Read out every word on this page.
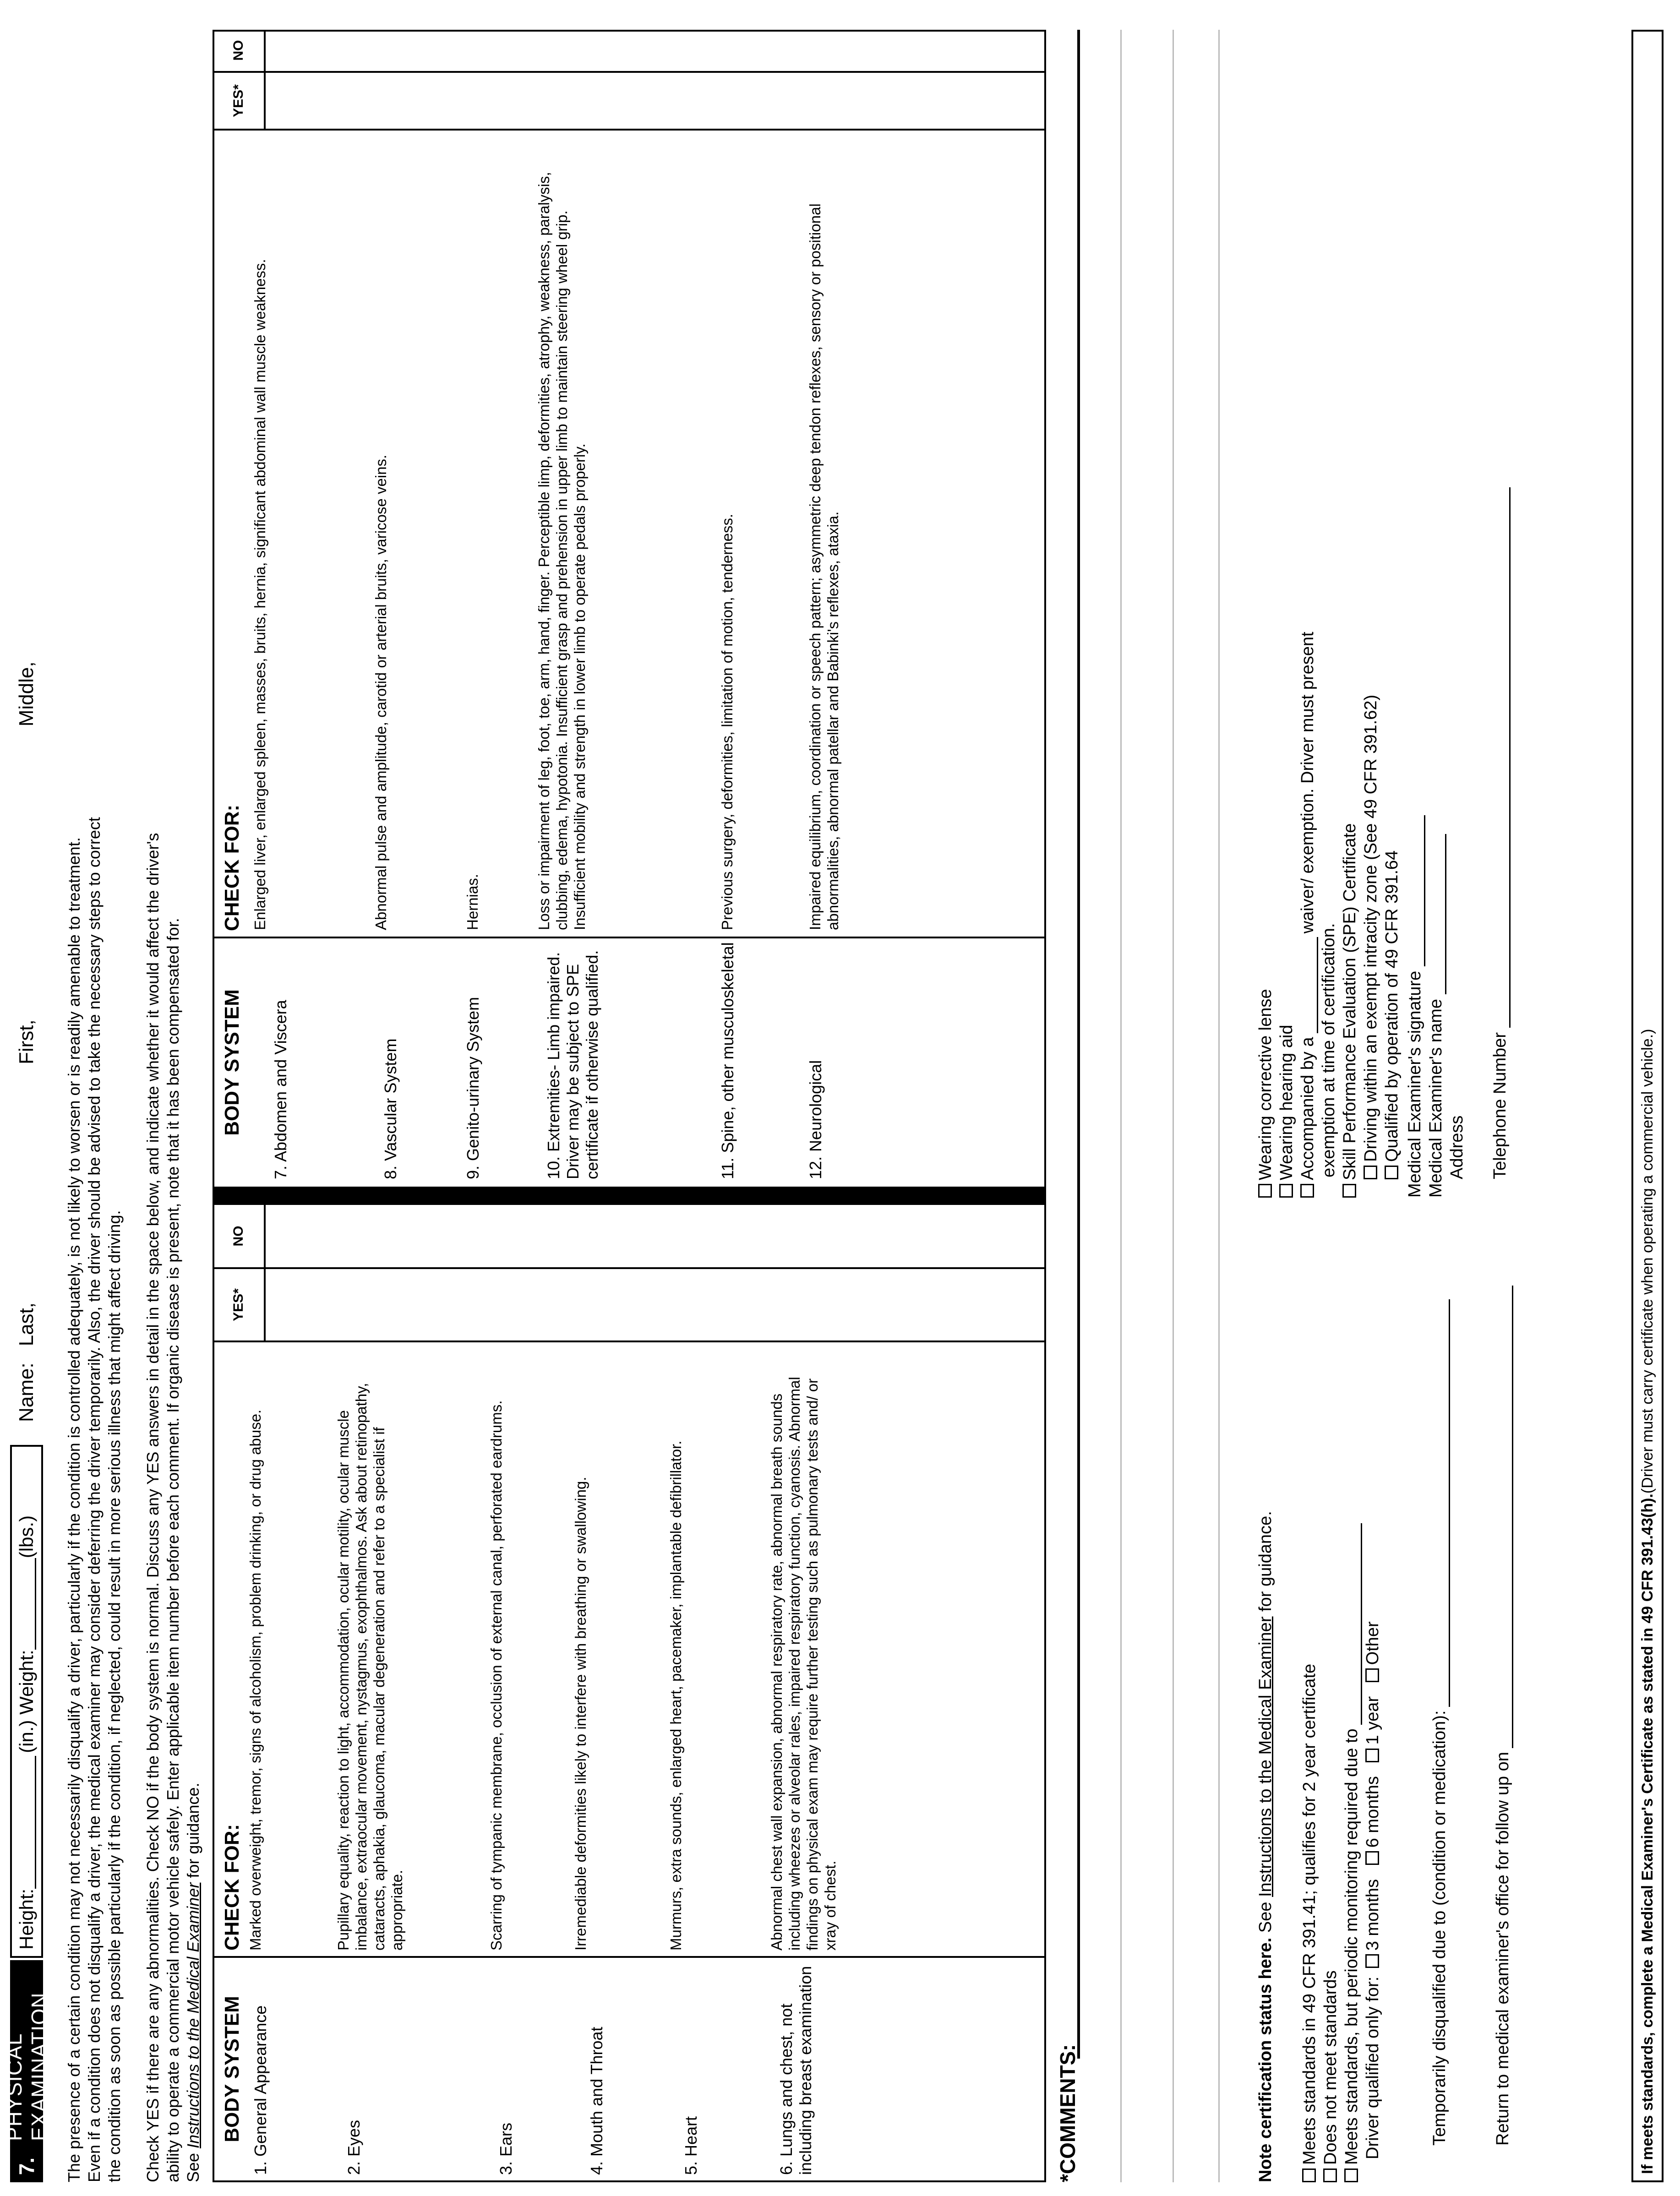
7.
PHYSICAL EXAMINATION
Height:
(in.) Weight:
(lbs.)
Name:
Last,
First,
Middle,
The presence of a certain condition may not necessarily disqualify a driver, particularly if the condition is controlled adequately, is not likely to worsen or is readily amenable to treatment. Even if a condition does not disqualify a driver, the medical examiner may consider deferring the driver temporarily. Also, the driver should be advised to take the necessary steps to correct the condition as soon as possible particularly if the condition, if neglected, could result in more serious illness that might affect driving. Check YES if there are any abnormalities. Check NO if the body system is normal. Discuss any YES answers in detail in the space below, and indicate whether it would affect the driver's ability to operate a commercial motor vehicle safely. Enter applicable item number before each comment. If organic disease is present, note that it has been compensated for. See Instructions to the Medical Examiner for guidance.
BODY SYSTEM
CHECK FOR:
YES*
NO
BODY SYSTEM
CHECK FOR:
YES*
NO
1. General Appearance
Marked overweight, tremor, signs of alcoholism, problem drinking, or drug abuse.
2. Eyes
Pupillary equality, reaction to light, accommodation, ocular motility, ocular muscle imbalance, extraocular movement, nystagmus, exophthalmos. Ask about retinopathy, cataracts, aphakia, glaucoma, macular degeneration and refer to a specialist if appropriate.
3. Ears
Scarring of tympanic membrane, occlusion of external canal, perforated eardrums.
4. Mouth and Throat
Irremediable deformities likely to interfere with breathing or swallowing.
5. Heart
Murmurs, extra sounds, enlarged heart, pacemaker, implantable defibrillator.
6. Lungs and chest, not including breast examination
Abnormal chest wall expansion, abnormal respiratory rate, abnormal breath sounds including wheezes or alveolar rales, impaired respiratory function, cyanosis. Abnormal findings on physical exam may require further testing such as pulmonary tests and/ or xray of chest.
7. Abdomen and Viscera
Enlarged liver, enlarged spleen, masses, bruits, hernia, significant abdominal wall muscle weakness.
8. Vascular System
Abnormal pulse and amplitude, carotid or arterial bruits, varicose veins.
9. Genito-urinary System
Hernias.
10. Extremities- Limb impaired. Driver may be subject to SPE certificate if otherwise qualified.
Loss or impairment of leg, foot, toe, arm, hand, finger. Perceptible limp, deformities, atrophy, weakness, paralysis, clubbing, edema, hypotonia. Insufficient grasp and prehension in upper limb to maintain steering wheel grip. Insufficient mobility and strength in lower limb to operate pedals properly.
11. Spine, other musculoskeletal
Previous surgery, deformities, limitation of motion, tenderness.
12. Neurological
Impaired equilibrium, coordination or speech pattern; asymmetric deep tendon reflexes, sensory or positional abnormalities, abnormal patellar and Babinki's reflexes, ataxia.
*COMMENTS:	Note certification status here. See Instructions to the Medical Examiner for guidance.
Meets standards in 49 CFR 391.41; qualifies for 2 year certificate Does not meet standards Meets standards, but periodic monitoring required due to Driver qualified only for: 3 months 6 months 1 year Other
Temporarily disqualified due to (condition or medication):	Return to medical examiner's office for follow up on
Wearing corrective lense Wearing hearing aid Accompanied by awaiver/ exemption. Driver must present
exemption at time of certification. Skill Performance Evaluation (SPE) Certificate Driving within an exempt intracity zone (See 49 CFR 391.62) Qualified by operation of 49 CFR 391.64 Medical Examiner's signature Medical Examiner's name Address Telephone Number
If meets standards, complete a Medical Examiner's Certificate as stated in 49 CFR 391.43(h).
(Driver must carry certificate when operating a commercial vehicle.)
